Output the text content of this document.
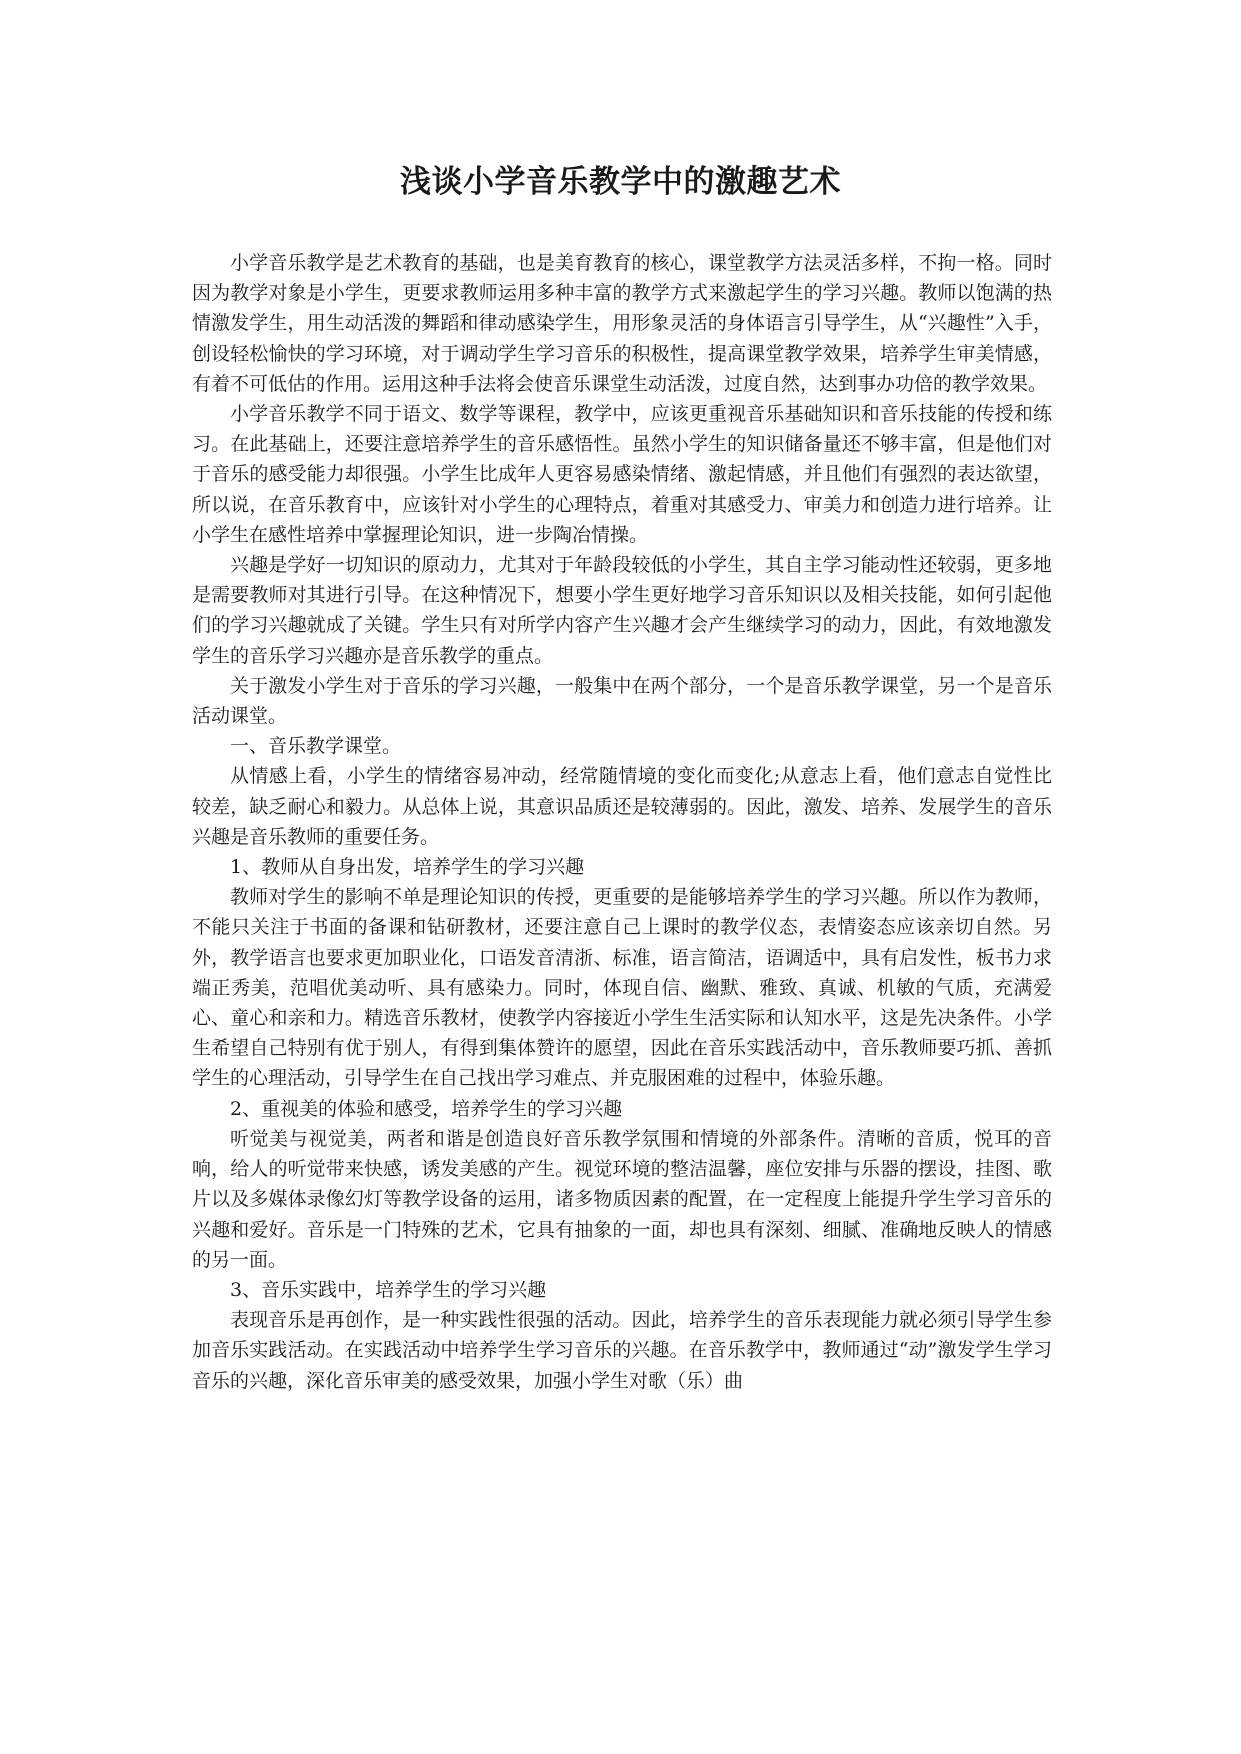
浅谈小学音乐教学中的激趣艺术

小学音乐教学是艺术教育的基础，也是美育教育的核心，课堂教学方法灵活多样，不拘一格。同时因为教学对象是小学生，更要求教师运用多种丰富的教学方式来激起学生的学习兴趣。教师以饱满的热情激发学生，用生动活泼的舞蹈和律动感染学生，用形象灵活的身体语言引导学生，从“兴趣性”入手，创设轻松愉快的学习环境，对于调动学生学习音乐的积极性，提高课堂教学效果，培养学生审美情感，有着不可低估的作用。运用这种手法将会使音乐课堂生动活泼，过度自然，达到事办功倍的教学效果。

小学音乐教学不同于语文、数学等课程，教学中，应该更重视音乐基础知识和音乐技能的传授和练习。在此基础上，还要注意培养学生的音乐感悟性。虽然小学生的知识储备量还不够丰富，但是他们对于音乐的感受能力却很强。小学生比成年人更容易感染情绪、激起情感，并且他们有强烈的表达欲望，所以说，在音乐教育中，应该针对小学生的心理特点，着重对其感受力、审美力和创造力进行培养。让小学生在感性培养中掌握理论知识，进一步陶冶情操。

兴趣是学好一切知识的原动力，尤其对于年龄段较低的小学生，其自主学习能动性还较弱，更多地是需要教师对其进行引导。在这种情况下，想要小学生更好地学习音乐知识以及相关技能，如何引起他们的学习兴趣就成了关键。学生只有对所学内容产生兴趣才会产生继续学习的动力，因此，有效地激发学生的音乐学习兴趣亦是音乐教学的重点。

关于激发小学生对于音乐的学习兴趣，一般集中在两个部分，一个是音乐教学课堂，另一个是音乐活动课堂。

一、音乐教学课堂。

从情感上看，小学生的情绪容易冲动，经常随情境的变化而变化;从意志上看，他们意志自觉性比较差，缺乏耐心和毅力。从总体上说，其意识品质还是较薄弱的。因此，激发、培养、发展学生的音乐兴趣是音乐教师的重要任务。

1、教师从自身出发，培养学生的学习兴趣

教师对学生的影响不单是理论知识的传授，更重要的是能够培养学生的学习兴趣。所以作为教师，不能只关注于书面的备课和钻研教材，还要注意自己上课时的教学仪态，表情姿态应该亲切自然。另外，教学语言也要求更加职业化，口语发音清浙、标准，语言简洁，语调适中，具有启发性，板书力求端正秀美，范唱优美动听、具有感染力。同时，体现自信、幽默、雅致、真诚、机敏的气质，充满爱心、童心和亲和力。精选音乐教材，使教学内容接近小学生生活实际和认知水平，这是先决条件。小学生希望自己特别有优于别人，有得到集体赞许的愿望，因此在音乐实践活动中，音乐教师要巧抓、善抓学生的心理活动，引导学生在自己找出学习难点、并克服困难的过程中，体验乐趣。

2、重视美的体验和感受，培养学生的学习兴趣

听觉美与视觉美，两者和谐是创造良好音乐教学氛围和情境的外部条件。清晰的音质，悦耳的音响，给人的听觉带来快感，诱发美感的产生。视觉环境的整洁温馨，座位安排与乐器的摆设，挂图、歌片以及多媒体录像幻灯等教学设备的运用，诸多物质因素的配置，在一定程度上能提升学生学习音乐的兴趣和爱好。音乐是一门特殊的艺术，它具有抽象的一面，却也具有深刻、细腻、准确地反映人的情感的另一面。

3、音乐实践中，培养学生的学习兴趣

表现音乐是再创作，是一种实践性很强的活动。因此，培养学生的音乐表现能力就必须引导学生参加音乐实践活动。在实践活动中培养学生学习音乐的兴趣。在音乐教学中，教师通过“动”激发学生学习音乐的兴趣，深化音乐审美的感受效果，加强小学生对歌（乐）曲
